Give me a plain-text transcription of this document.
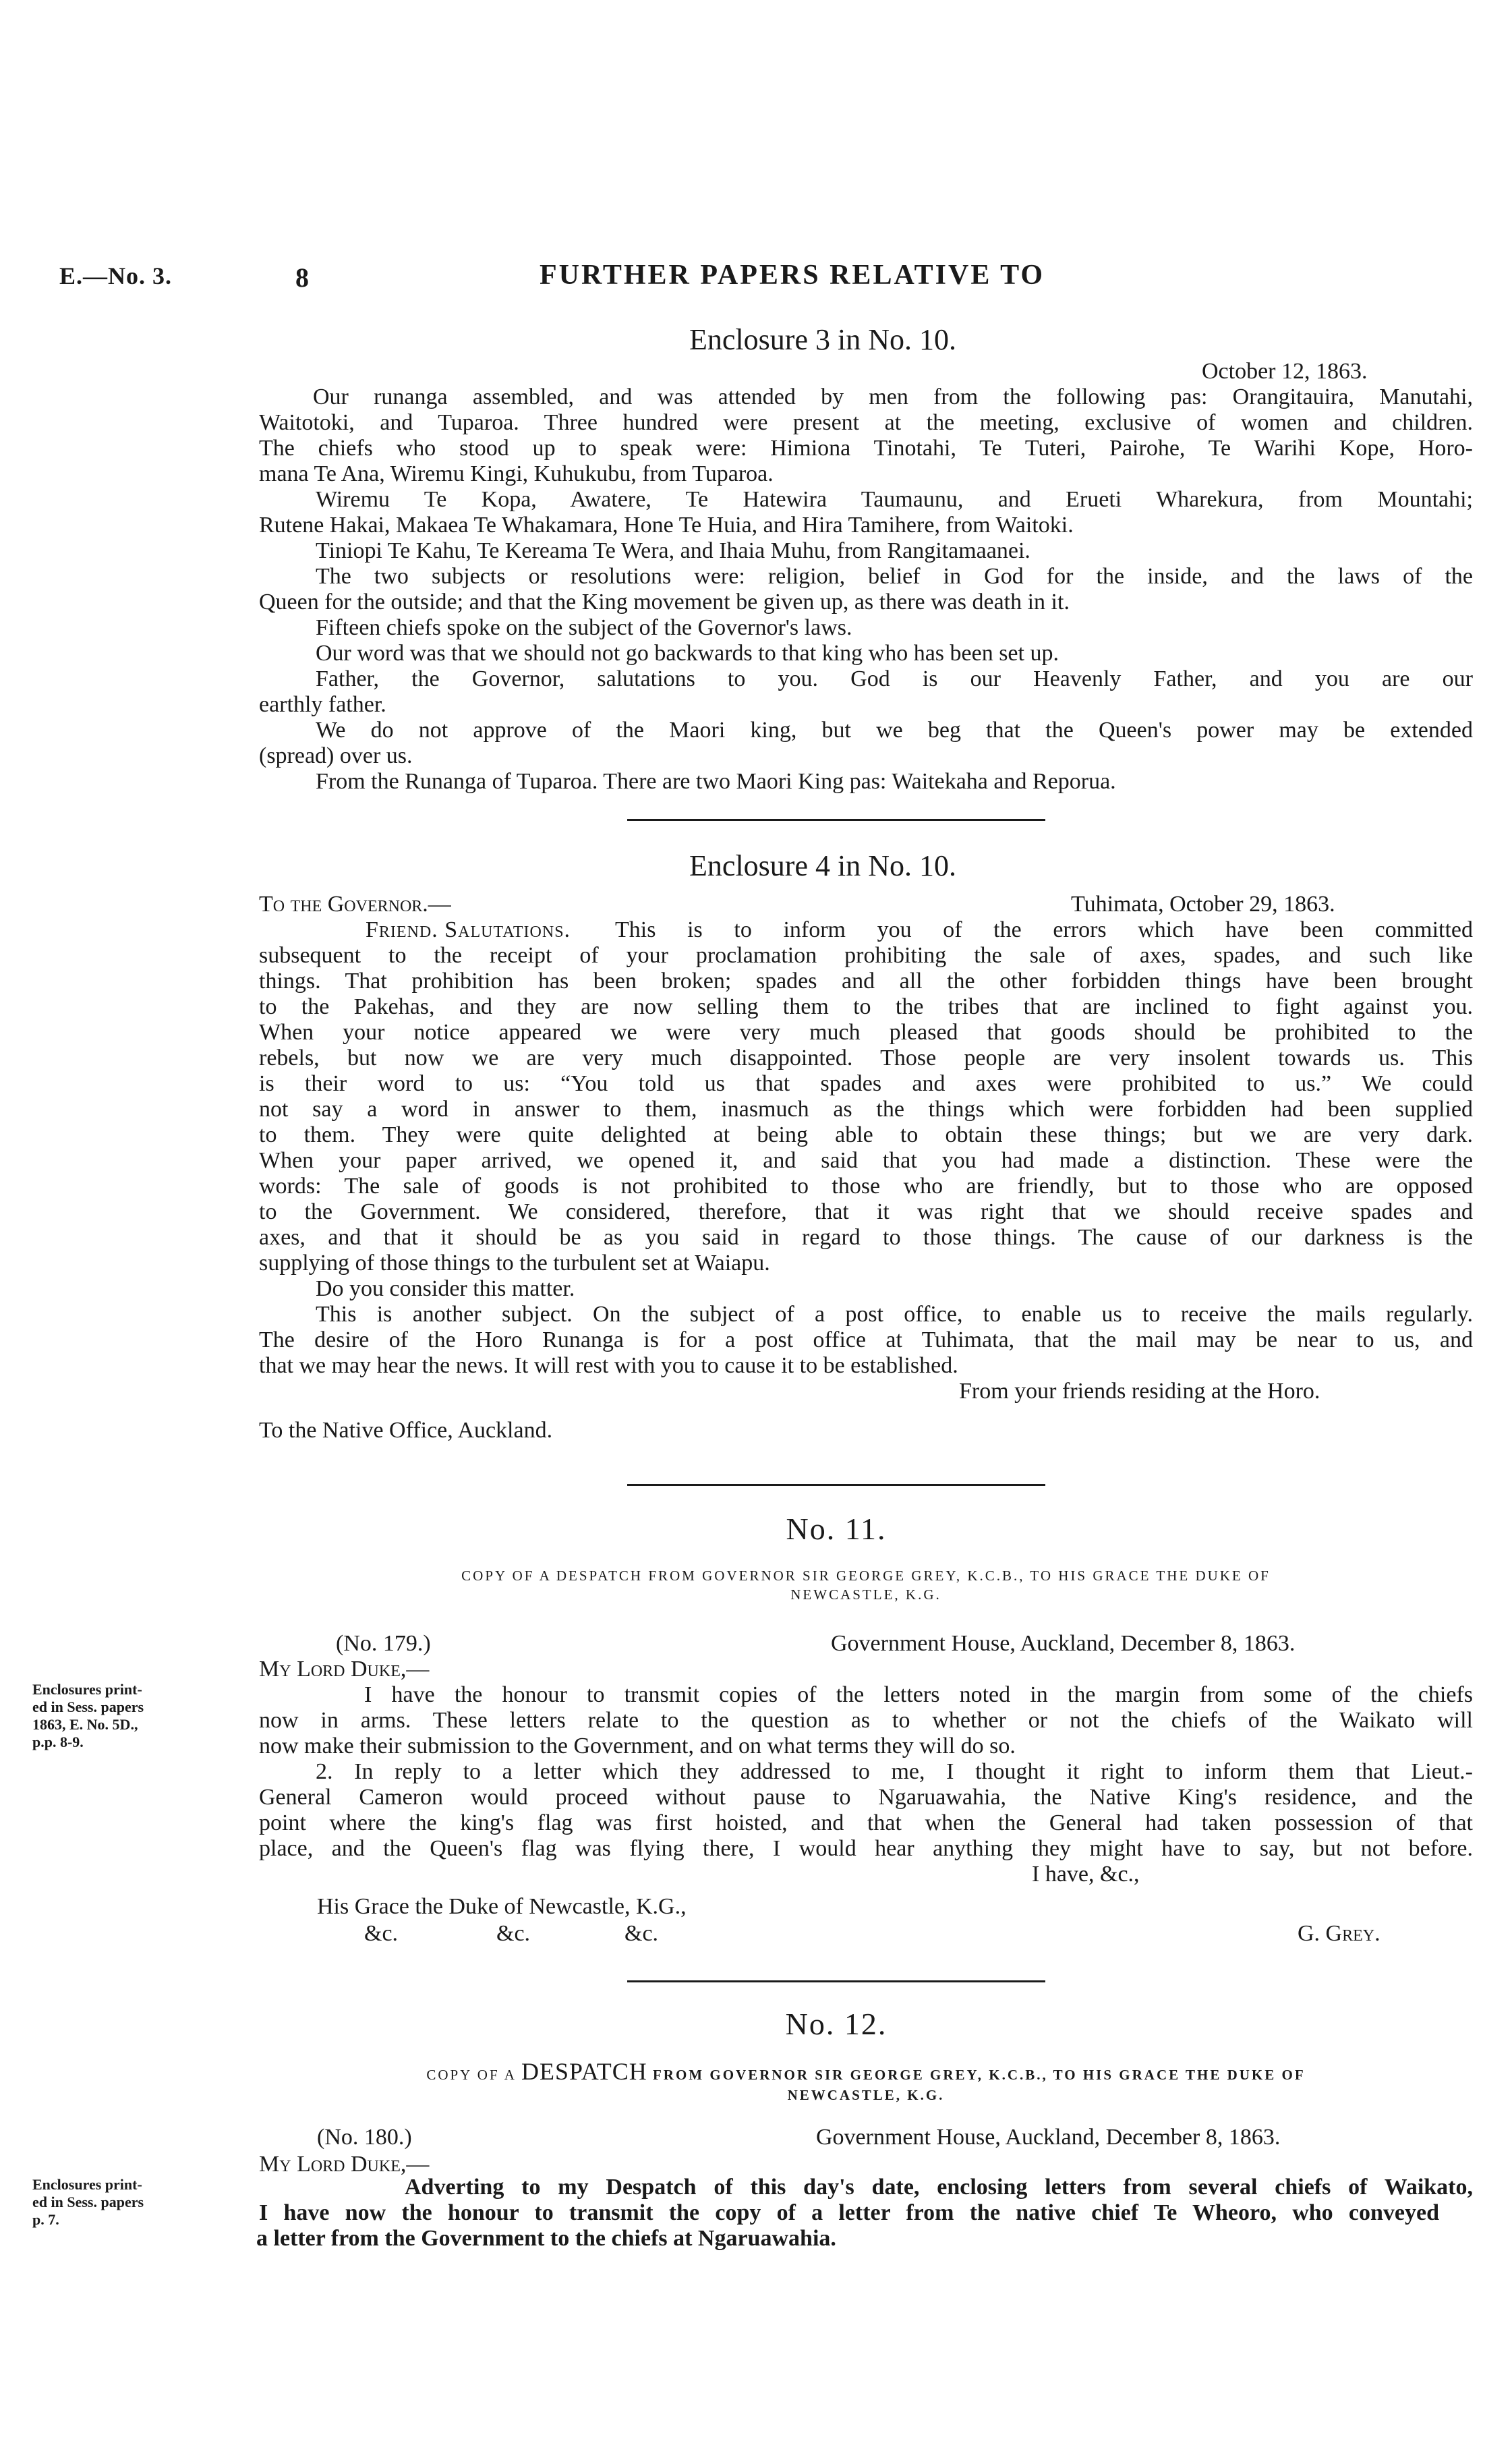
E.—No. 3.	8	FURTHER PAPERS RELATIVE TO
Enclosure 3 in No. 10.
October 12, 1863.
Our runanga assembled, and was attended by men from the following pas: Orangitauira, Manutahi,
Waitotoki, and Tuparoa. Three hundred were present at the meeting, exclusive of women and children.
The chiefs who stood up to speak were: Himiona Tinotahi, Te Tuteri, Pairohe, Te Warihi Kope, Horo-
mana Te Ana, Wiremu Kingi, Kuhukubu, from Tuparoa.
Wiremu Te Kopa, Awatere, Te Hatewira Taumaunu, and Erueti Wharekura, from Mountahi;
Rutene Hakai, Makaea Te Whakamara, Hone Te Huia, and Hira Tamihere, from Waitoki.
Tiniopi Te Kahu, Te Kereama Te Wera, and Ihaia Muhu, from Rangitamaanei.
The two subjects or resolutions were: religion, belief in God for the inside, and the laws of the
Queen for the outside; and that the King movement be given up, as there was death in it.
Fifteen chiefs spoke on the subject of the Governor's laws.
Our word was that we should not go backwards to that king who has been set up.
Father, the Governor, salutations to you. God is our Heavenly Father, and you are our
earthly father.
We do not approve of the Maori king, but we beg that the Queen's power may be extended
(spread) over us.
From the Runanga of Tuparoa. There are two Maori King pas: Waitekaha and Reporua.
Enclosure 4 in No. 10.
To the Governor.—	Tuhimata, October 29, 1863.
Friend. Salutations. This is to inform you of the errors which have been committed
subsequent to the receipt of your proclamation prohibiting the sale of axes, spades, and such like
things. That prohibition has been broken; spades and all the other forbidden things have been brought
to the Pakehas, and they are now selling them to the tribes that are inclined to fight against you.
When your notice appeared we were very much pleased that goods should be prohibited to the
rebels, but now we are very much disappointed. Those people are very insolent towards us. This
is their word to us: “You told us that spades and axes were prohibited to us.” We could
not say a word in answer to them, inasmuch as the things which were forbidden had been supplied
to them. They were quite delighted at being able to obtain these things; but we are very dark.
When your paper arrived, we opened it, and said that you had made a distinction. These were the
words: The sale of goods is not prohibited to those who are friendly, but to those who are opposed
to the Government. We considered, therefore, that it was right that we should receive spades and
axes, and that it should be as you said in regard to those things. The cause of our darkness is the
supplying of those things to the turbulent set at Waiapu.
Do you consider this matter.
This is another subject. On the subject of a post office, to enable us to receive the mails regularly.
The desire of the Horo Runanga is for a post office at Tuhimata, that the mail may be near to us, and
that we may hear the news. It will rest with you to cause it to be established.
From your friends residing at the Horo.
To the Native Office, Auckland.
No. 11.
COPY OF A DESPATCH FROM GOVERNOR SIR GEORGE GREY, K.C.B., TO HIS GRACE THE DUKE OF
NEWCASTLE, K.G.
(No. 179.)	Government House, Auckland, December 8, 1863.
My Lord Duke,—
Enclosures print-
ed in Sess. papers
1863, E. No. 5D.,
p.p. 8-9.
I have the honour to transmit copies of the letters noted in the margin from some of the chiefs
now in arms. These letters relate to the question as to whether or not the chiefs of the Waikato will
now make their submission to the Government, and on what terms they will do so.
2. In reply to a letter which they addressed to me, I thought it right to inform them that Lieut.-
General Cameron would proceed without pause to Ngaruawahia, the Native King's residence, and the
point where the king's flag was first hoisted, and that when the General had taken possession of that
place, and the Queen's flag was flying there, I would hear anything they might have to say, but not before.
I have, &c.,
His Grace the Duke of Newcastle, K.G.,
&c.	&c.	&c.	G. Grey.
No. 12.
COPY OF A DESPATCH FROM GOVERNOR SIR GEORGE GREY, K.C.B., TO HIS GRACE THE DUKE OF
NEWCASTLE, K.G.
(No. 180.)	Government House, Auckland, December 8, 1863.
My Lord Duke,—
Enclosures print-
ed in Sess. papers
p. 7.
Adverting to my Despatch of this day's date, enclosing letters from several chiefs of Waikato,
I have now the honour to transmit the copy of a letter from the native chief Te Wheoro, who conveyed
a letter from the Government to the chiefs at Ngaruawahia.
